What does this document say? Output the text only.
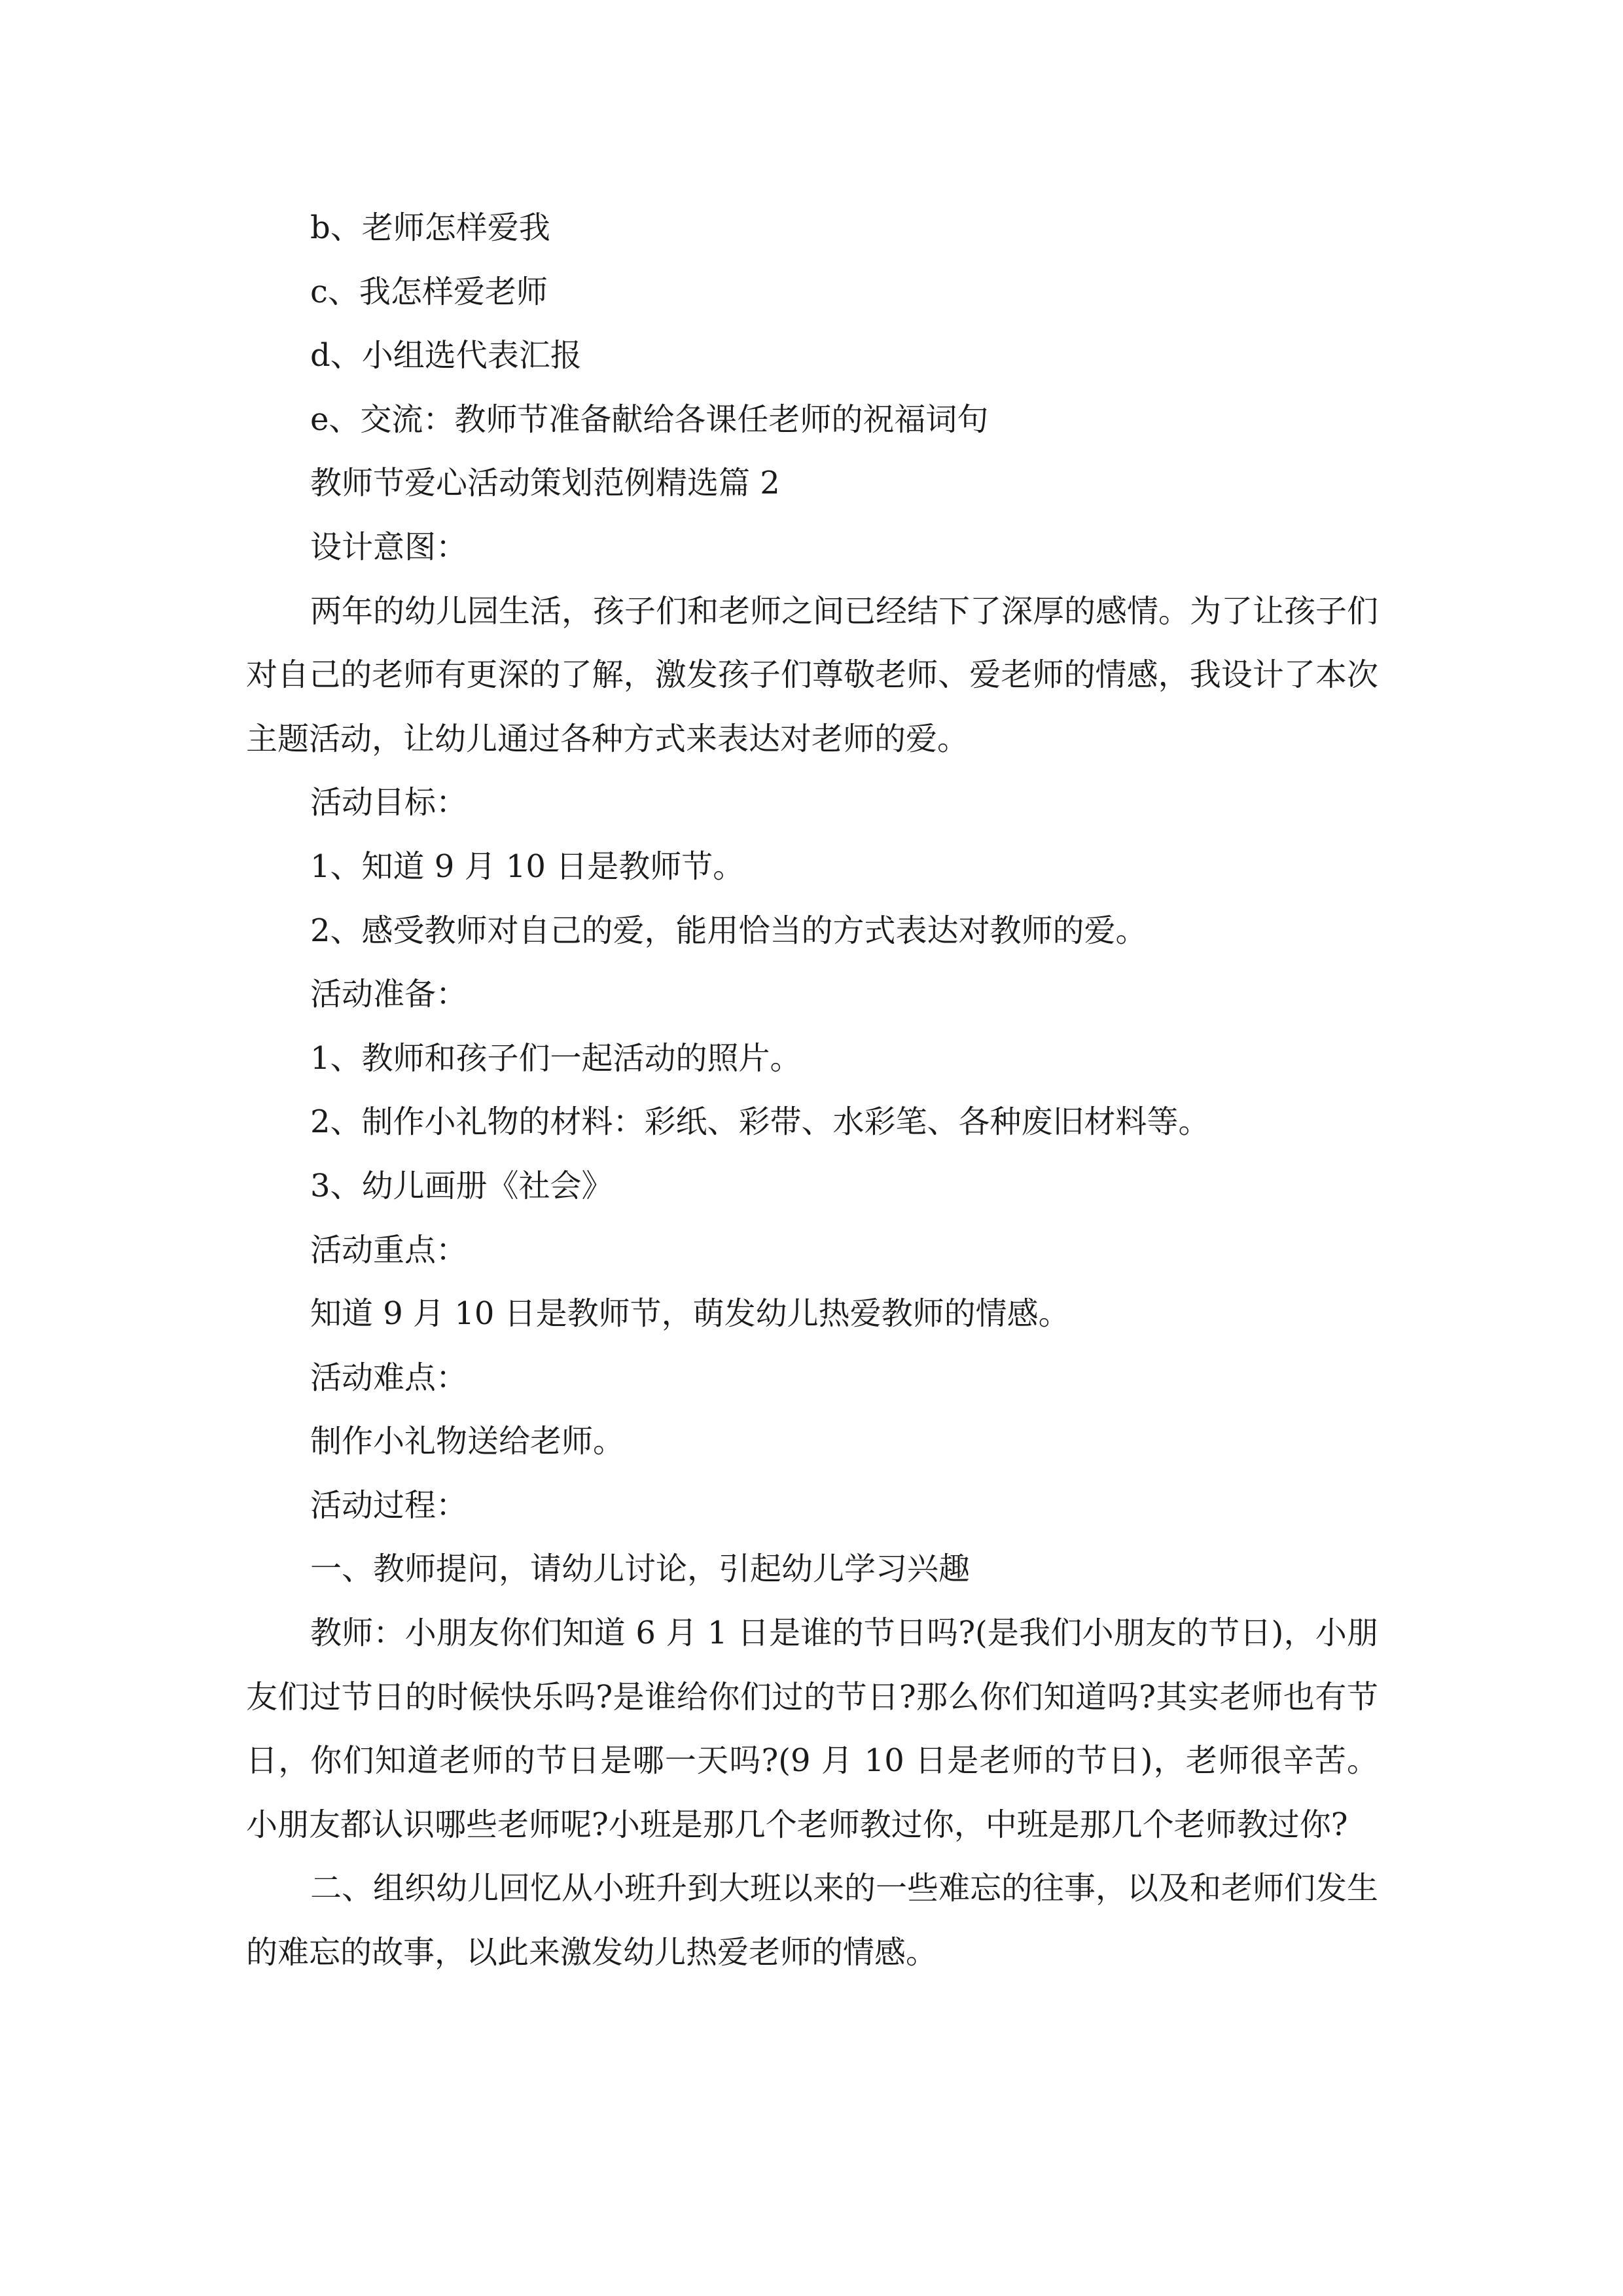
b、老师怎样爱我

c、我怎样爱老师

d、小组选代表汇报

e、交流：教师节准备献给各课任老师的祝福词句

教师节爱心活动策划范例精选篇 2

设计意图：

两年的幼儿园生活，孩子们和老师之间已经结下了深厚的感情。为了让孩子们对自己的老师有更深的了解，激发孩子们尊敬老师、爱老师的情感，我设计了本次主题活动，让幼儿通过各种方式来表达对老师的爱。

活动目标：

1、知道 9 月 10 日是教师节。

2、感受教师对自己的爱，能用恰当的方式表达对教师的爱。

活动准备：

1、教师和孩子们一起活动的照片。

2、制作小礼物的材料：彩纸、彩带、水彩笔、各种废旧材料等。

3、幼儿画册《社会》

活动重点：

知道 9 月 10 日是教师节，萌发幼儿热爱教师的情感。

活动难点：

制作小礼物送给老师。

活动过程：

一、教师提问，请幼儿讨论，引起幼儿学习兴趣

教师：小朋友你们知道 6 月 1 日是谁的节日吗?(是我们小朋友的节日)，小朋友们过节日的时候快乐吗?是谁给你们过的节日?那么你们知道吗?其实老师也有节日，你们知道老师的节日是哪一天吗?(9 月 10 日是老师的节日)，老师很辛苦。小朋友都认识哪些老师呢?小班是那几个老师教过你，中班是那几个老师教过你?

二、组织幼儿回忆从小班升到大班以来的一些难忘的往事，以及和老师们发生的难忘的故事，以此来激发幼儿热爱老师的情感。
